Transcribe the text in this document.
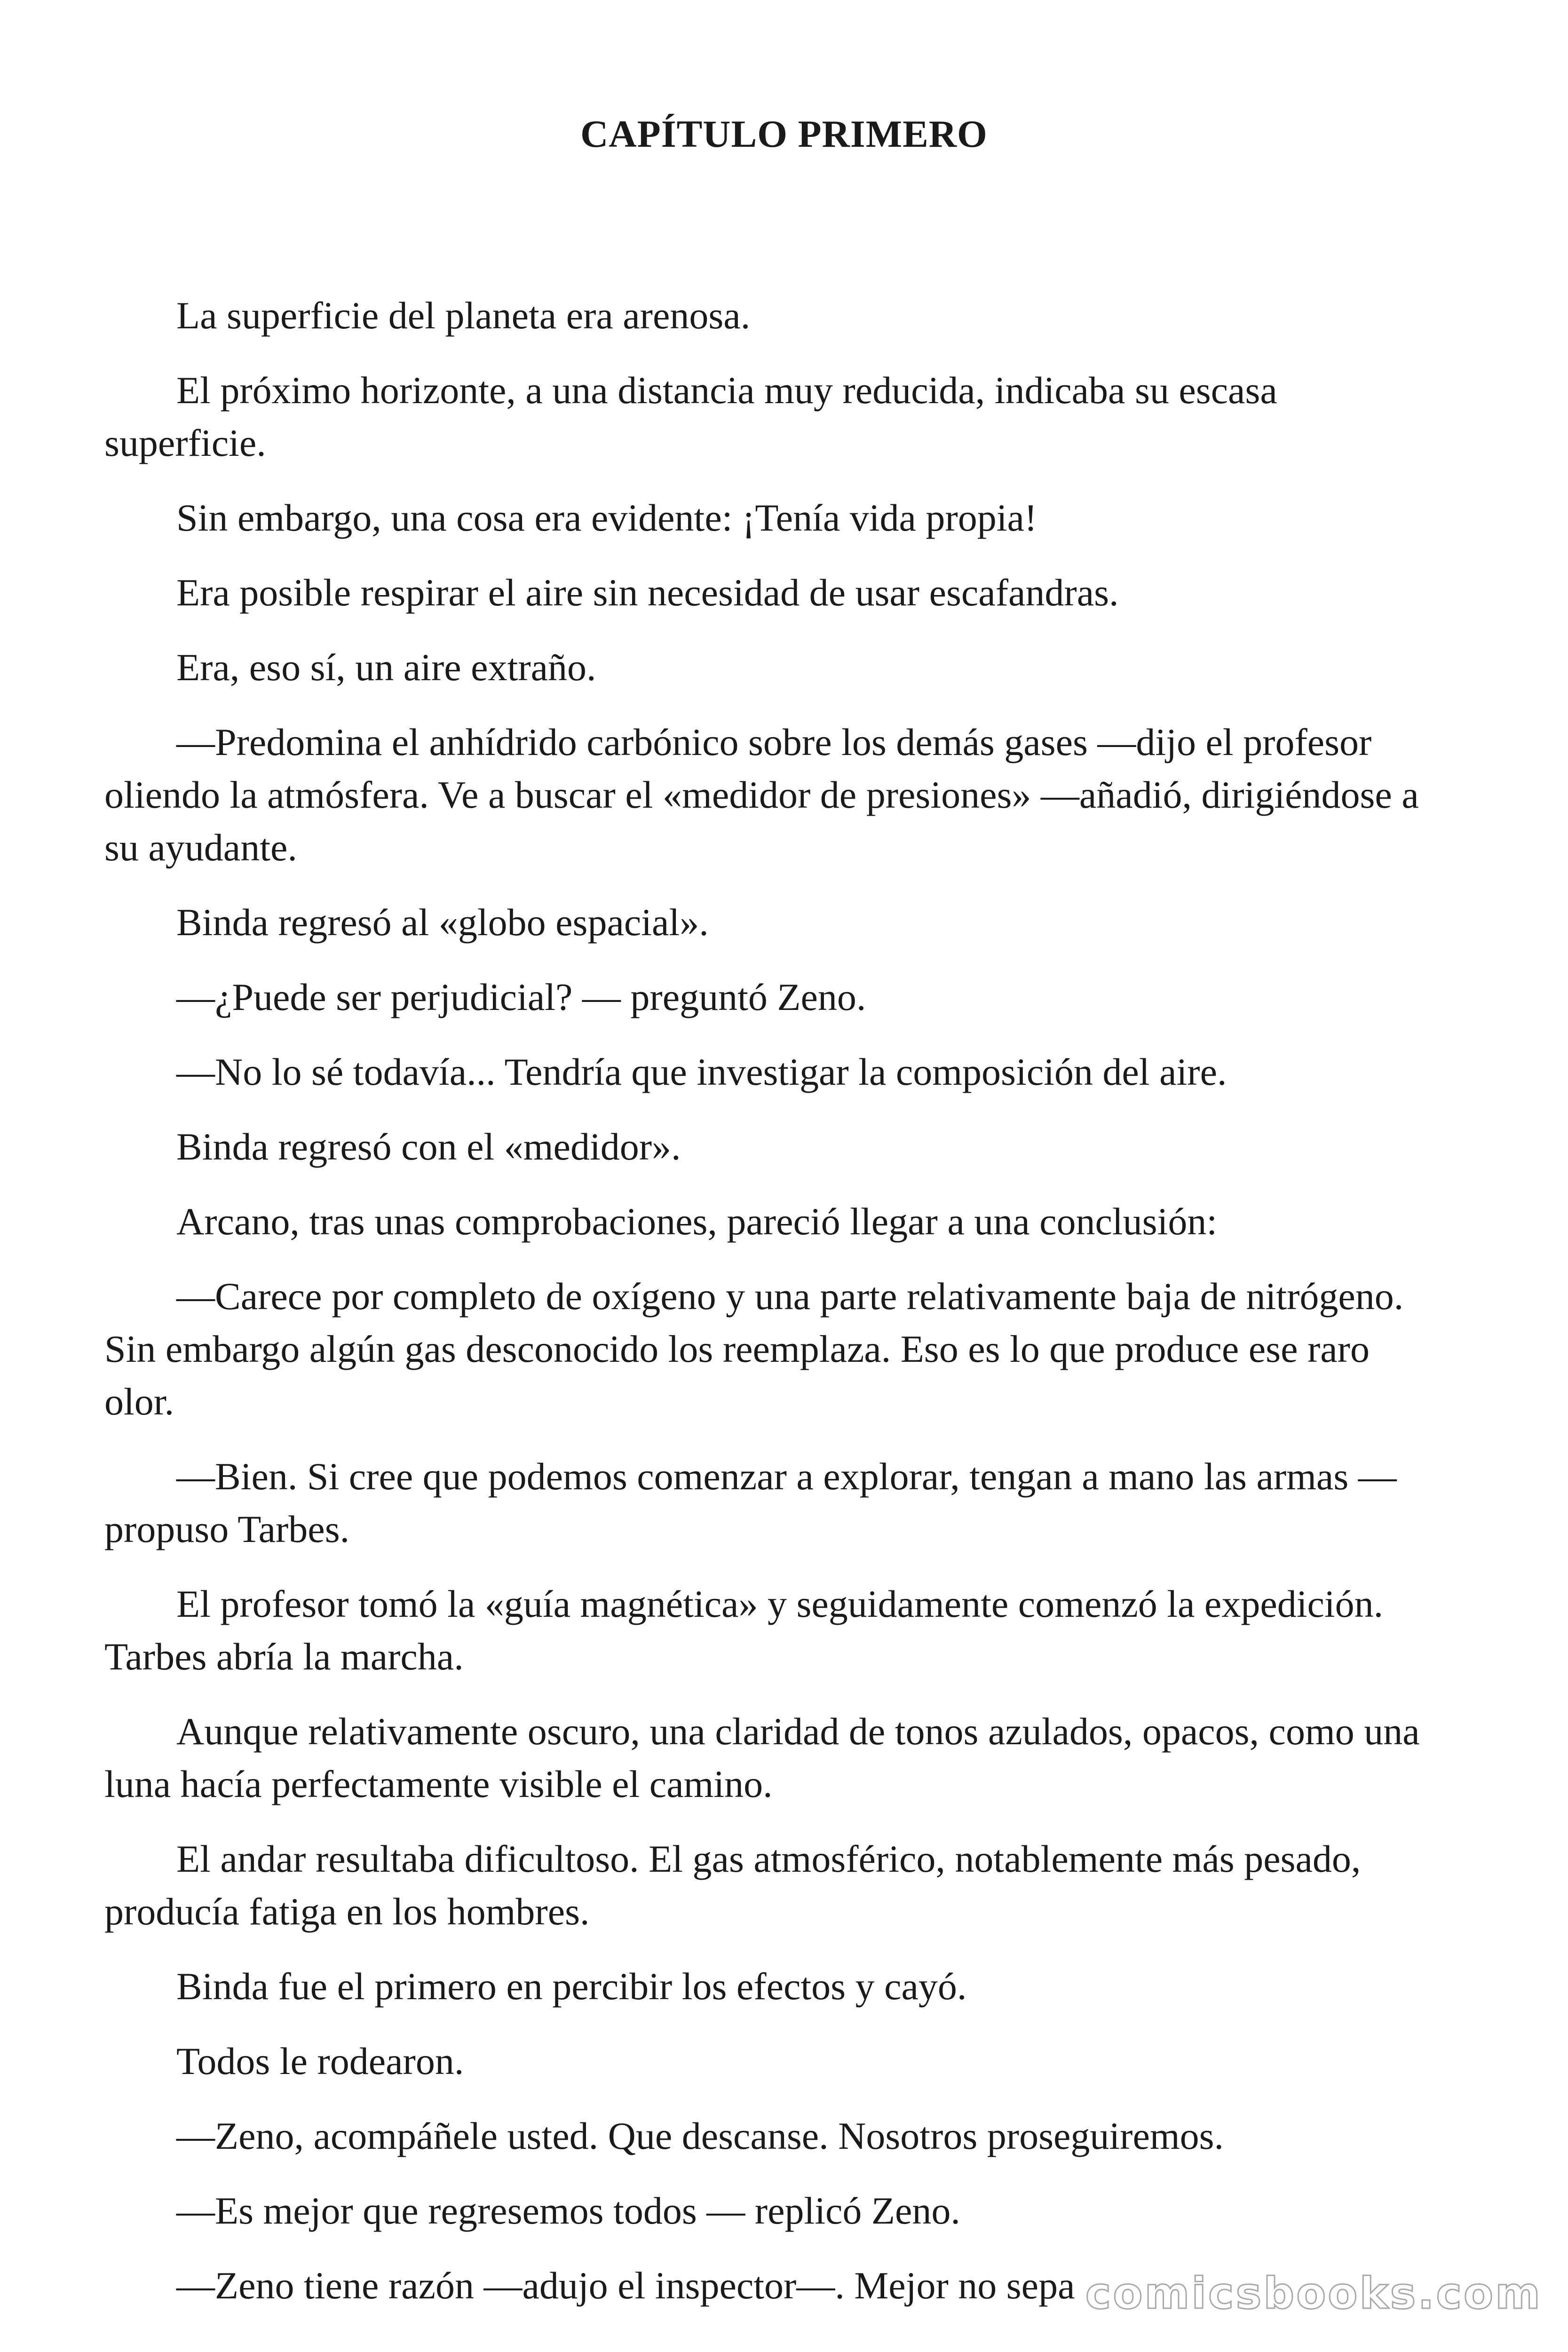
CAPÍTULO PRIMERO

La superficie del planeta era arenosa.

El próximo horizonte, a una distancia muy reducida, indicaba su escasa superficie.

Sin embargo, una cosa era evidente: ¡Tenía vida propia!

Era posible respirar el aire sin necesidad de usar escafandras.

Era, eso sí, un aire extraño.

—Predomina el anhídrido carbónico sobre los demás gases —dijo el profesor oliendo la atmósfera. Ve a buscar el «medidor de presiones» —añadió, dirigiéndose a su ayudante.

Binda regresó al «globo espacial».

—¿Puede ser perjudicial? — preguntó Zeno.

—No lo sé todavía... Tendría que investigar la composición del aire.

Binda regresó con el «medidor».

Arcano, tras unas comprobaciones, pareció llegar a una conclusión:

—Carece por completo de oxígeno y una parte relativamente baja de nitrógeno. Sin embargo algún gas desconocido los reemplaza. Eso es lo que produce ese raro olor.

—Bien. Si cree que podemos comenzar a explorar, tengan a mano las armas — propuso Tarbes.

El profesor tomó la «guía magnética» y seguidamente comenzó la expedición. Tarbes abría la marcha.

Aunque relativamente oscuro, una claridad de tonos azulados, opacos, como una luna hacía perfectamente visible el camino.

El andar resultaba dificultoso. El gas atmosférico, notablemente más pesado, producía fatiga en los hombres.

Binda fue el primero en percibir los efectos y cayó.

Todos le rodearon.

—Zeno, acompáñele usted. Que descanse. Nosotros proseguiremos.

—Es mejor que regresemos todos — replicó Zeno.

—Zeno tiene razón —adujo el inspector—. Mejor no sepa comicsbooks.com
